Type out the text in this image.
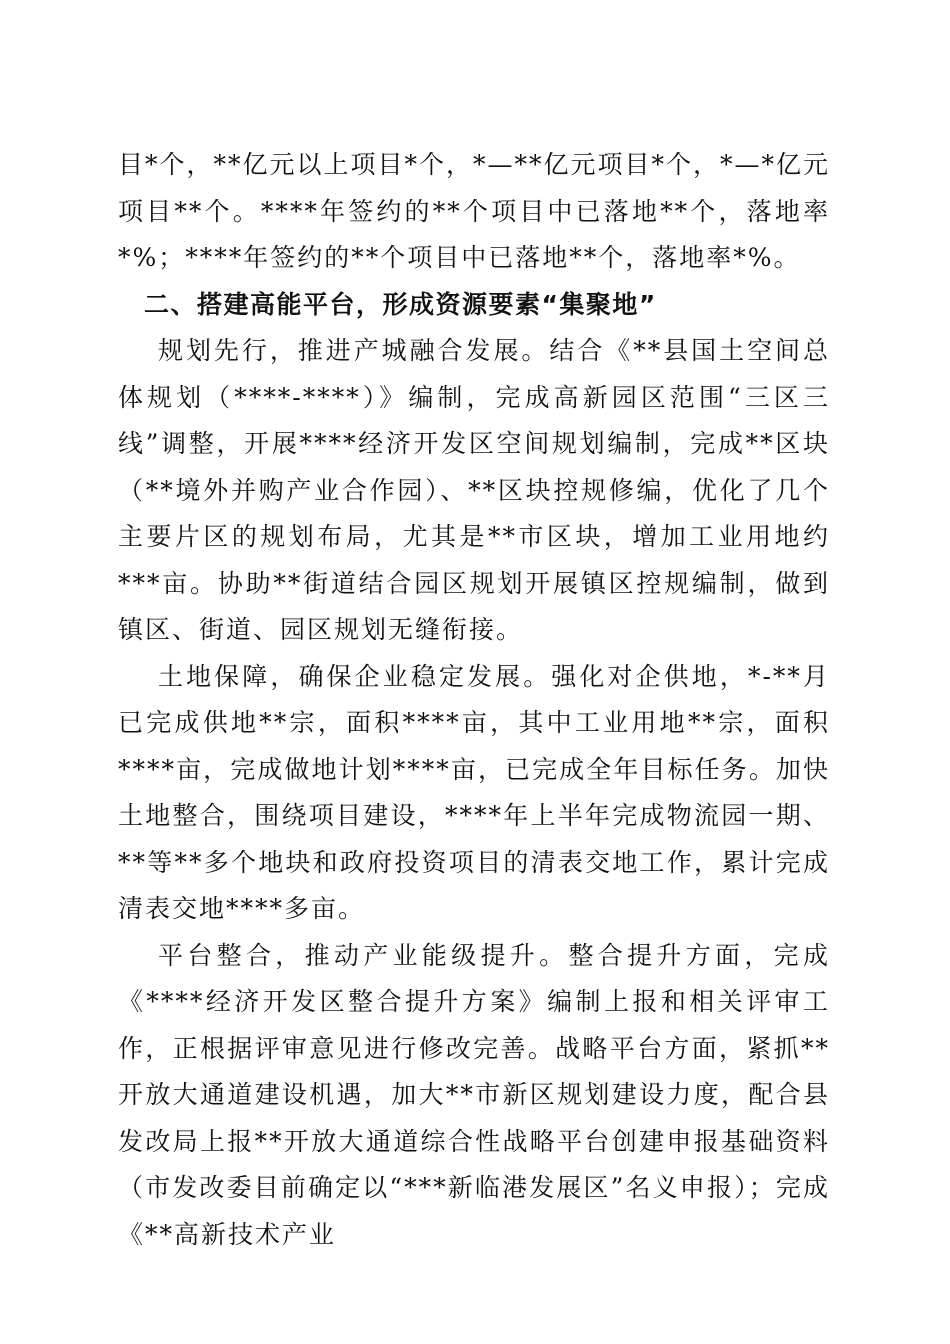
目*个，**亿元以上项目*个，*—**亿元项目*个，*—*亿元项目**个。****年签约的**个项目中已落地**个，落地率*%；****年签约的**个项目中已落地**个，落地率*%。

二、搭建高能平台，形成资源要素“集聚地”

规划先行，推进产城融合发展。结合《**县国土空间总体规划（****-****）》编制，完成高新园区范围“三区三线”调整，开展****经济开发区空间规划编制，完成**区块（**境外并购产业合作园）、**区块控规修编，优化了几个主要片区的规划布局，尤其是**市区块，增加工业用地约***亩。协助**街道结合园区规划开展镇区控规编制，做到镇区、街道、园区规划无缝衔接。

土地保障，确保企业稳定发展。强化对企供地，*-**月已完成供地**宗，面积****亩，其中工业用地**宗，面积****亩，完成做地计划****亩，已完成全年目标任务。加快土地整合，围绕项目建设，****年上半年完成物流园一期、**等**多个地块和政府投资项目的清表交地工作，累计完成清表交地****多亩。

平台整合，推动产业能级提升。整合提升方面，完成《****经济开发区整合提升方案》编制上报和相关评审工作，正根据评审意见进行修改完善。战略平台方面，紧抓**开放大通道建设机遇，加大**市新区规划建设力度，配合县发改局上报**开放大通道综合性战略平台创建申报基础资料（市发改委目前确定以“***新临港发展区”名义申报）；完成《**高新技术产业
